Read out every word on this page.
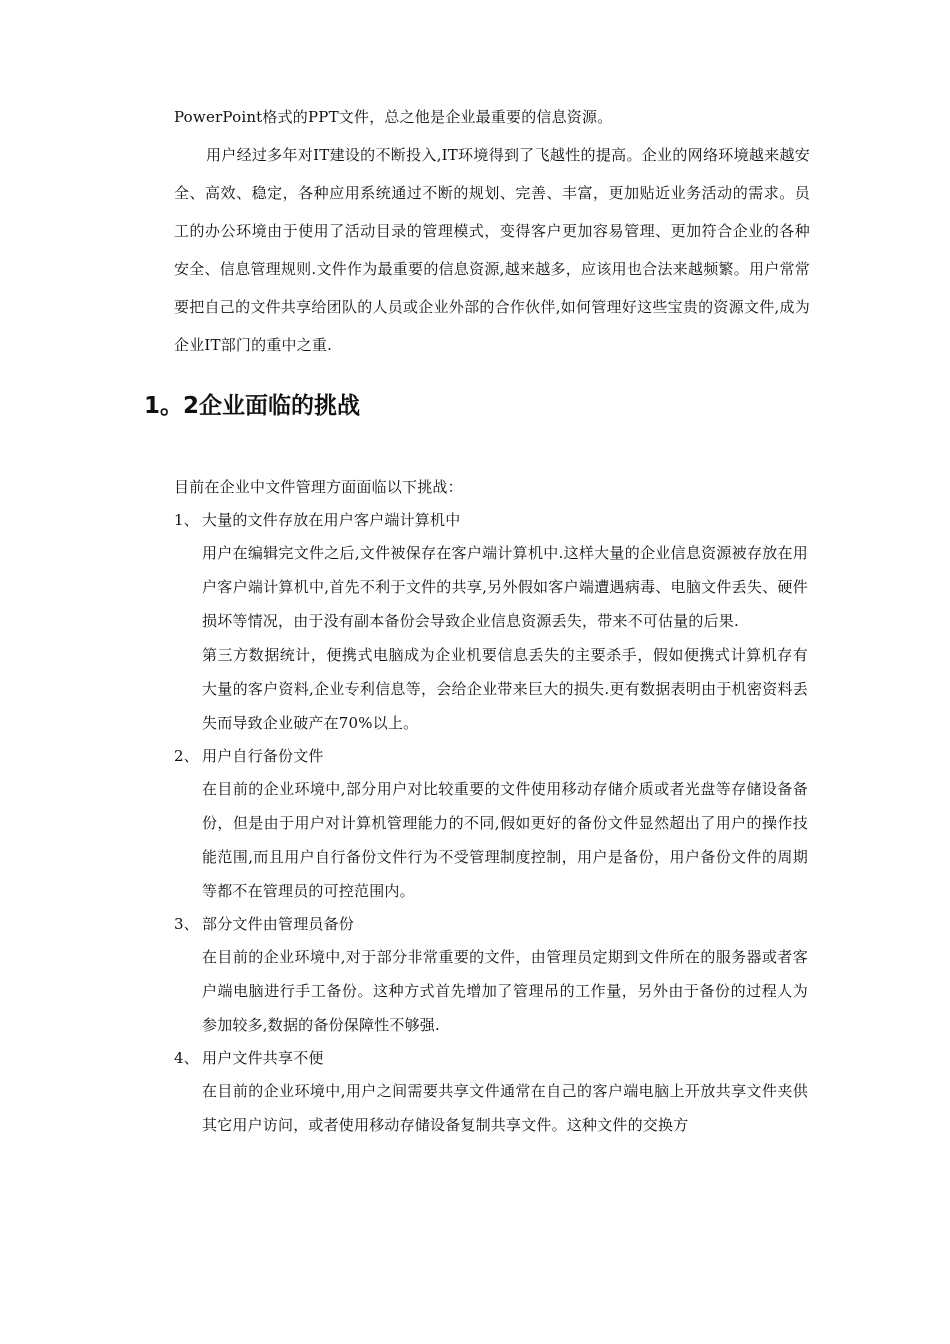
PowerPoint格式的PPT文件，总之他是企业最重要的信息资源。
用户经过多年对IT建设的不断投入,IT环境得到了飞越性的提高。企业的网络环境越来越安全、高效、稳定，各种应用系统通过不断的规划、完善、丰富，更加贴近业务活动的需求。员工的办公环境由于使用了活动目录的管理模式，变得客户更加容易管理、更加符合企业的各种安全、信息管理规则.文件作为最重要的信息资源,越来越多，应该用也合法来越频繁。用户常常要把自己的文件共享给团队的人员或企业外部的合作伙伴,如何管理好这些宝贵的资源文件,成为企业IT部门的重中之重.

1。2企业面临的挑战

目前在企业中文件管理方面面临以下挑战：

1、 大量的文件存放在用户客户端计算机中

用户在编辑完文件之后,文件被保存在客户端计算机中.这样大量的企业信息资源被存放在用户客户端计算机中,首先不利于文件的共享,另外假如客户端遭遇病毒、电脑文件丢失、硬件损坏等情况，由于没有副本备份会导致企业信息资源丢失，带来不可估量的后果.

第三方数据统计，便携式电脑成为企业机要信息丢失的主要杀手，假如便携式计算机存有大量的客户资料,企业专利信息等，会给企业带来巨大的损失.更有数据表明由于机密资料丢失而导致企业破产在70%以上。

2、 用户自行备份文件

在目前的企业环境中,部分用户对比较重要的文件使用移动存储介质或者光盘等存储设备备份，但是由于用户对计算机管理能力的不同,假如更好的备份文件显然超出了用户的操作技能范围,而且用户自行备份文件行为不受管理制度控制，用户是备份，用户备份文件的周期等都不在管理员的可控范围内。

3、 部分文件由管理员备份

在目前的企业环境中,对于部分非常重要的文件，由管理员定期到文件所在的服务器或者客户端电脑进行手工备份。这种方式首先增加了管理吊的工作量，另外由于备份的过程人为参加较多,数据的备份保障性不够强.

4、 用户文件共享不便

在目前的企业环境中,用户之间需要共享文件通常在自己的客户端电脑上开放共享文件夹供其它用户访问，或者使用移动存储设备复制共享文件。这种文件的交换方
